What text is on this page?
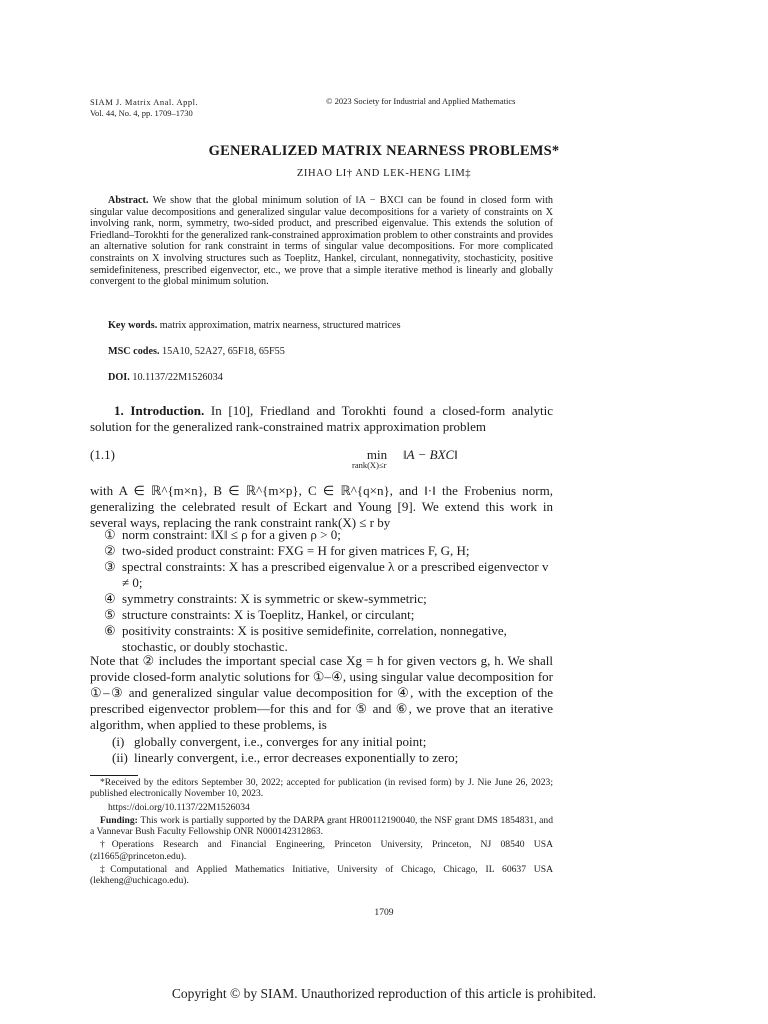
SIAM J. Matrix Anal. Appl.
Vol. 44, No. 4, pp. 1709–1730
© 2023 Society for Industrial and Applied Mathematics
GENERALIZED MATRIX NEARNESS PROBLEMS*
ZIHAO LI† AND LEK-HENG LIM‡

Abstract. We show that the global minimum solution of ‖A − BXC‖ can be found in closed form with singular value decompositions and generalized singular value decompositions for a variety of constraints on X involving rank, norm, symmetry, two-sided product, and prescribed eigenvalue. This extends the solution of Friedland–Torokhti for the generalized rank-constrained approximation problem to other constraints and provides an alternative solution for rank constraint in terms of singular value decompositions. For more complicated constraints on X involving structures such as Toeplitz, Hankel, circulant, nonnegativity, stochasticity, positive semidefiniteness, prescribed eigenvector, etc., we prove that a simple iterative method is linearly and globally convergent to the global minimum solution.

Key words. matrix approximation, matrix nearness, structured matrices
MSC codes. 15A10, 52A27, 65F18, 65F55
DOI. 10.1137/22M1526034

1. Introduction. In [10], Friedland and Torokhti found a closed-form analytic solution for the generalized rank-constrained matrix approximation problem

(1.1)	min
rank(X)≤r
‖A − BXC‖

with A ∈ ℝ^{m×n}, B ∈ ℝ^{m×p}, C ∈ ℝ^{q×n}, and ‖·‖ the Frobenius norm, generalizing the celebrated result of Eckart and Young [9]. We extend this work in several ways, replacing the rank constraint rank(X) ≤ r by

① norm constraint: ‖X‖ ≤ ρ for a given ρ > 0;
② two-sided product constraint: FXG = H for given matrices F, G, H;
③ spectral constraints: X has a prescribed eigenvalue λ or a prescribed eigenvector v ≠ 0;
④ symmetry constraints: X is symmetric or skew-symmetric;
⑤ structure constraints: X is Toeplitz, Hankel, or circulant;
⑥ positivity constraints: X is positive semidefinite, correlation, nonnegative, stochastic, or doubly stochastic.

Note that ② includes the important special case Xg = h for given vectors g, h. We shall provide closed-form analytic solutions for ①–④, using singular value decomposition for ①–③ and generalized singular value decomposition for ④, with the exception of the prescribed eigenvector problem—for this and for ⑤ and ⑥, we prove that an iterative algorithm, when applied to these problems, is

(i) globally convergent, i.e., converges for any initial point;
(ii) linearly convergent, i.e., error decreases exponentially to zero;

*Received by the editors September 30, 2022; accepted for publication (in revised form) by J. Nie June 26, 2023; published electronically November 10, 2023.

https://doi.org/10.1137/22M1526034

Funding: This work is partially supported by the DARPA grant HR00112190040, the NSF grant DMS 1854831, and a Vannevar Bush Faculty Fellowship ONR N000142312863.

†Operations Research and Financial Engineering, Princeton University, Princeton, NJ 08540 USA (zl1665@princeton.edu).

‡Computational and Applied Mathematics Initiative, University of Chicago, Chicago, IL 60637 USA (lekheng@uchicago.edu).

1709
Copyright © by SIAM. Unauthorized reproduction of this article is prohibited.
